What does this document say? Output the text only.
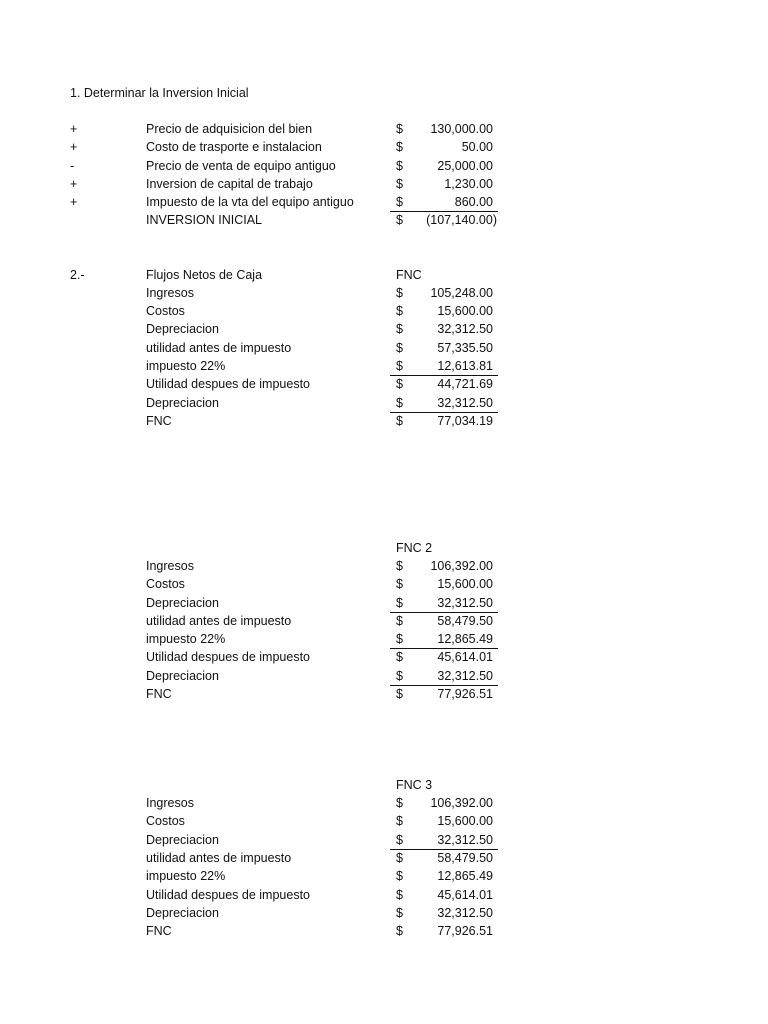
1. Determinar la Inversion Inicial
+	Precio de adquisicion del bien	$	130,000.00
+	Costo de trasporte e instalacion	$	50.00
-	Precio de venta de equipo antiguo	$	25,000.00
+	Inversion de capital de trabajo	$	1,230.00
+	Impuesto de la vta del equipo antiguo	$	860.00
INVERSION INICIAL	$	(107,140.00)
2.-	Flujos Netos de Caja	FNC
Ingresos	$	105,248.00
Costos	$	15,600.00
Depreciacion	$	32,312.50
utilidad antes de impuesto	$	57,335.50
impuesto 22%	$	12,613.81
Utilidad despues de impuesto	$	44,721.69
Depreciacion	$	32,312.50
FNC	$	77,034.19
FNC 2
Ingresos	$	106,392.00
Costos	$	15,600.00
Depreciacion	$	32,312.50
utilidad antes de impuesto	$	58,479.50
impuesto 22%	$	12,865.49
Utilidad despues de impuesto	$	45,614.01
Depreciacion	$	32,312.50
FNC	$	77,926.51
FNC 3
Ingresos	$	106,392.00
Costos	$	15,600.00
Depreciacion	$	32,312.50
utilidad antes de impuesto	$	58,479.50
impuesto 22%	$	12,865.49
Utilidad despues de impuesto	$	45,614.01
Depreciacion	$	32,312.50
FNC	$	77,926.51
